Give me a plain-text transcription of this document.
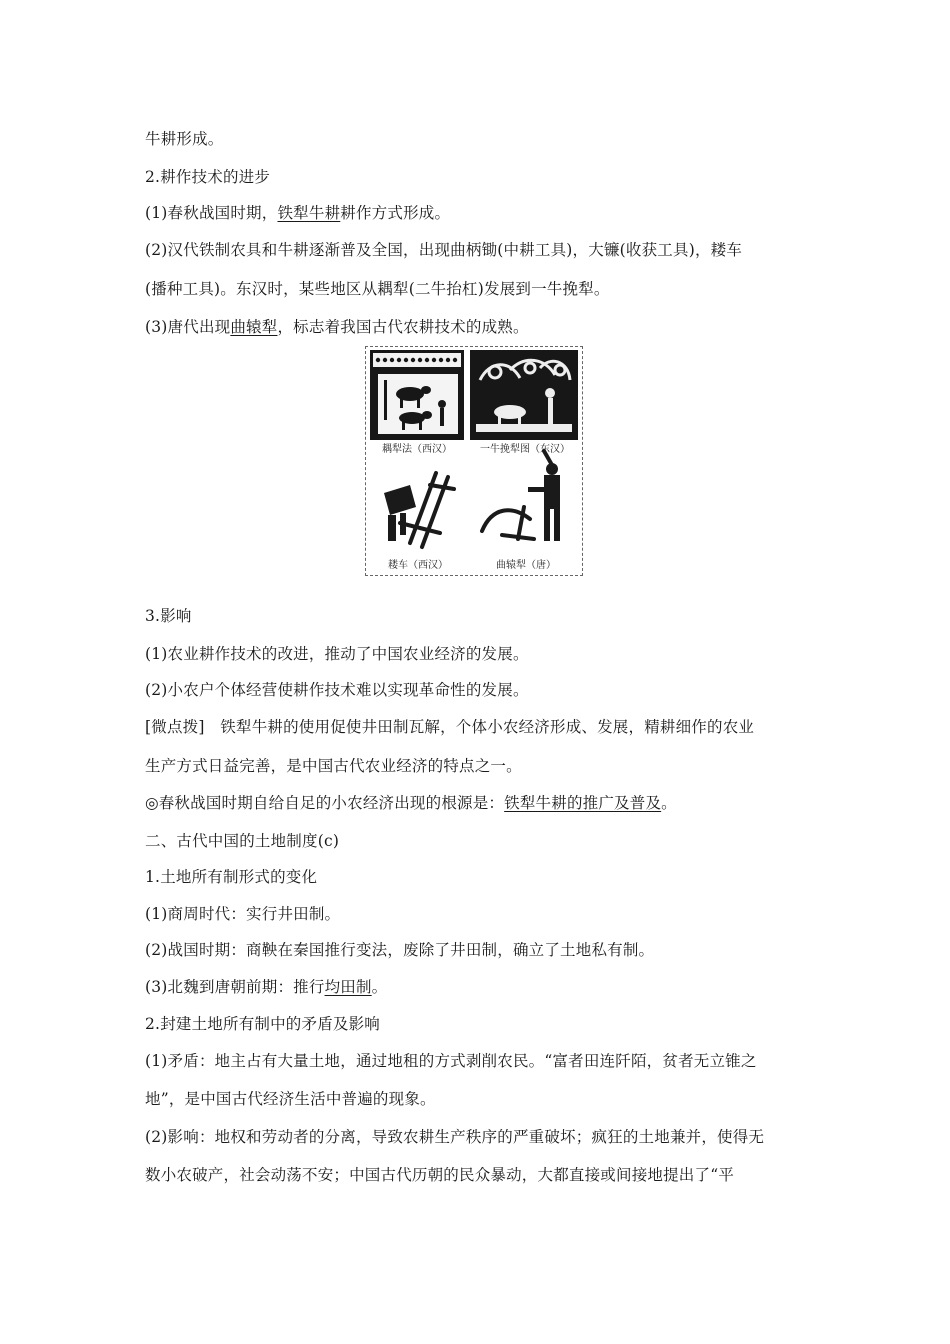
牛耕形成。
2.耕作技术的进步
(1)春秋战国时期，铁犁牛耕耕作方式形成。
(2)汉代铁制农具和牛耕逐渐普及全国，出现曲柄锄(中耕工具)，大镰(收获工具)，耧车
(播种工具)。东汉时，某些地区从耦犁(二牛抬杠)发展到一牛挽犁。
(3)唐代出现曲辕犁，标志着我国古代农耕技术的成熟。
3.影响
(1)农业耕作技术的改进，推动了中国农业经济的发展。
(2)小农户个体经营使耕作技术难以实现革命性的发展。
[微点拨]　铁犁牛耕的使用促使井田制瓦解，个体小农经济形成、发展，精耕细作的农业
生产方式日益完善，是中国古代农业经济的特点之一。
◎春秋战国时期自给自足的小农经济出现的根源是：铁犁牛耕的推广及普及。
二、古代中国的土地制度(c)
1.土地所有制形式的变化
(1)商周时代：实行井田制。
(2)战国时期：商鞅在秦国推行变法，废除了井田制，确立了土地私有制。
(3)北魏到唐朝前期：推行均田制。
2.封建土地所有制中的矛盾及影响
(1)矛盾：地主占有大量土地，通过地租的方式剥削农民。“富者田连阡陌，贫者无立锥之
地”，是中国古代经济生活中普遍的现象。
(2)影响：地权和劳动者的分离，导致农耕生产秩序的严重破坏；疯狂的土地兼并，使得无
数小农破产，社会动荡不安；中国古代历朝的民众暴动，大都直接或间接地提出了“平
耦犁法（西汉）	一牛挽犁图（东汉）
耧车（西汉）	曲辕犁（唐）
